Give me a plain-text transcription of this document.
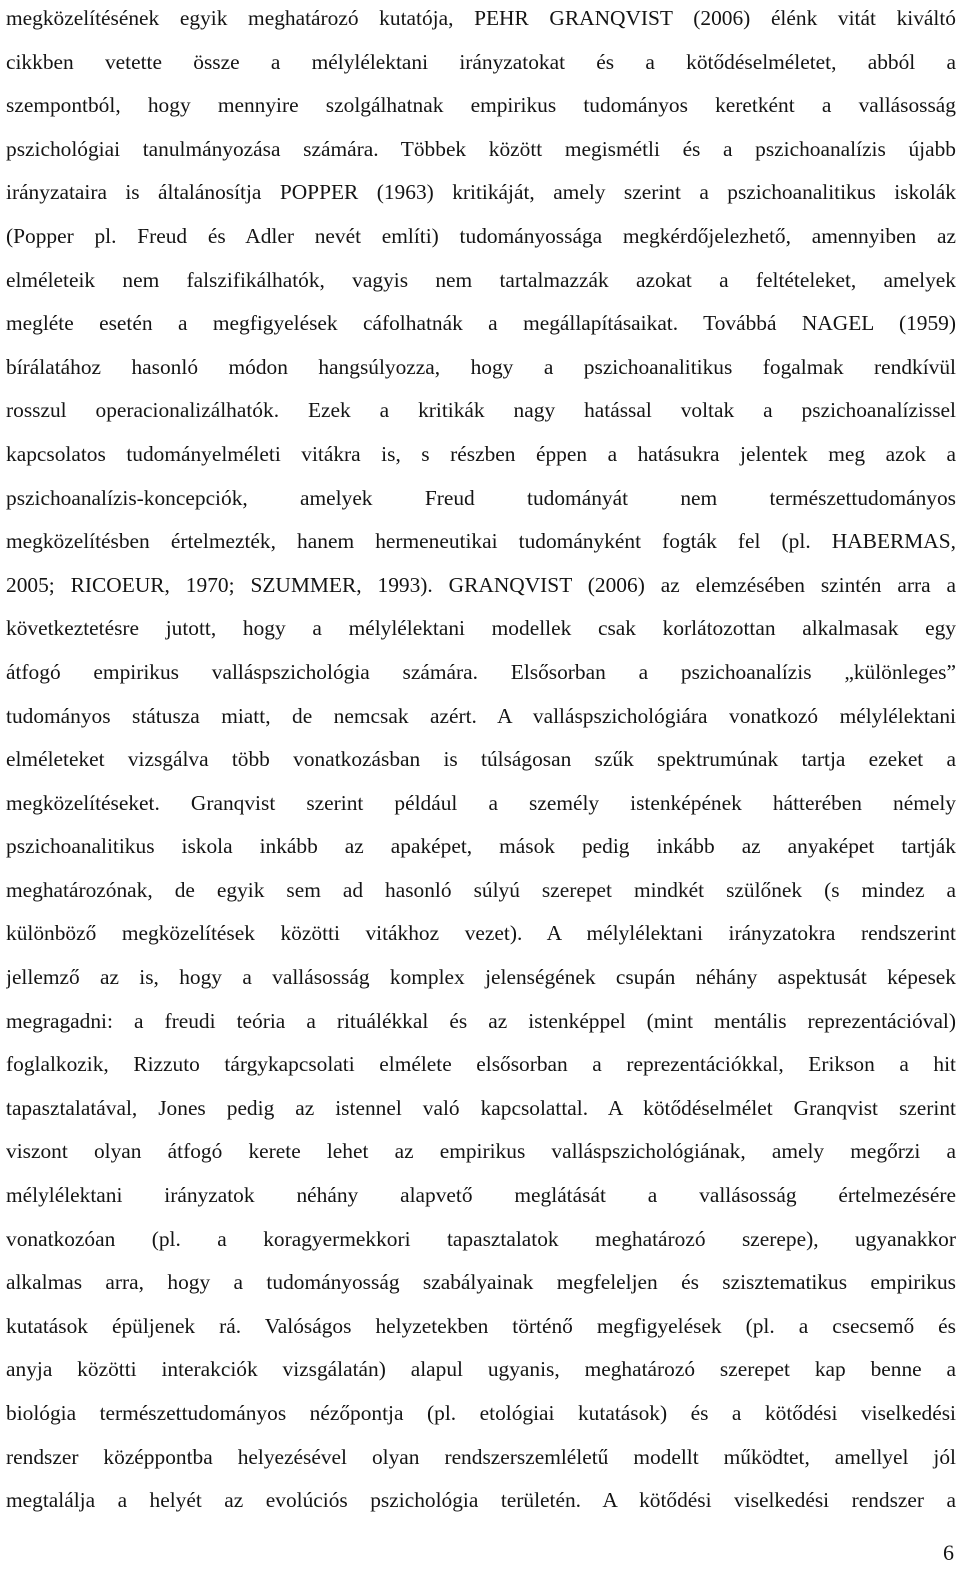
megközelítésének egyik meghatározó kutatója, PEHR GRANQVIST (2006) élénk vitát kiváltó
cikkben vetette össze a mélylélektani irányzatokat és a kötődéselméletet, abból a
szempontból, hogy mennyire szolgálhatnak empirikus tudományos keretként a vallásosság
pszichológiai tanulmányozása számára. Többek között megismétli és a pszichoanalízis újabb
irányzataira is általánosítja POPPER (1963) kritikáját, amely szerint a pszichoanalitikus iskolák
(Popper pl. Freud és Adler nevét említi) tudományossága megkérdőjelezhető, amennyiben az
elméleteik nem falszifikálhatók, vagyis nem tartalmazzák azokat a feltételeket, amelyek
megléte esetén a megfigyelések cáfolhatnák a megállapításaikat. Továbbá NAGEL (1959)
bírálatához hasonló módon hangsúlyozza, hogy a pszichoanalitikus fogalmak rendkívül
rosszul operacionalizálhatók. Ezek a kritikák nagy hatással voltak a pszichoanalízissel
kapcsolatos tudományelméleti vitákra is, s részben éppen a hatásukra jelentek meg azok a
pszichoanalízis-koncepciók, amelyek Freud tudományát nem természettudományos
megközelítésben értelmezték, hanem hermeneutikai tudományként fogták fel (pl. HABERMAS,
2005; RICOEUR, 1970; SZUMMER, 1993). GRANQVIST (2006) az elemzésében szintén arra a
következtetésre jutott, hogy a mélylélektani modellek csak korlátozottan alkalmasak egy
átfogó empirikus valláspszichológia számára. Elsősorban a pszichoanalízis „különleges”
tudományos státusza miatt, de nemcsak azért. A valláspszichológiára vonatkozó mélylélektani
elméleteket vizsgálva több vonatkozásban is túlságosan szűk spektrumúnak tartja ezeket a
megközelítéseket. Granqvist szerint például a személy istenképének hátterében némely
pszichoanalitikus iskola inkább az apaképet, mások pedig inkább az anyaképet tartják
meghatározónak, de egyik sem ad hasonló súlyú szerepet mindkét szülőnek (s mindez a
különböző megközelítések közötti vitákhoz vezet). A mélylélektani irányzatokra rendszerint
jellemző az is, hogy a vallásosság komplex jelenségének csupán néhány aspektusát képesek
megragadni: a freudi teória a rituálékkal és az istenképpel (mint mentális reprezentációval)
foglalkozik, Rizzuto tárgykapcsolati elmélete elsősorban a reprezentációkkal, Erikson a hit
tapasztalatával, Jones pedig az istennel való kapcsolattal. A kötődéselmélet Granqvist szerint
viszont olyan átfogó kerete lehet az empirikus valláspszichológiának, amely megőrzi a
mélylélektani irányzatok néhány alapvető meglátását a vallásosság értelmezésére
vonatkozóan (pl. a koragyermekkori tapasztalatok meghatározó szerepe), ugyanakkor
alkalmas arra, hogy a tudományosság szabályainak megfeleljen és szisztematikus empirikus
kutatások épüljenek rá. Valóságos helyzetekben történő megfigyelések (pl. a csecsemő és
anyja közötti interakciók vizsgálatán) alapul ugyanis, meghatározó szerepet kap benne a
biológia természettudományos nézőpontja (pl. etológiai kutatások) és a kötődési viselkedési
rendszer középpontba helyezésével olyan rendszerszemléletű modellt működtet, amellyel jól
megtalálja a helyét az evolúciós pszichológia területén. A kötődési viselkedési rendszer a
6
